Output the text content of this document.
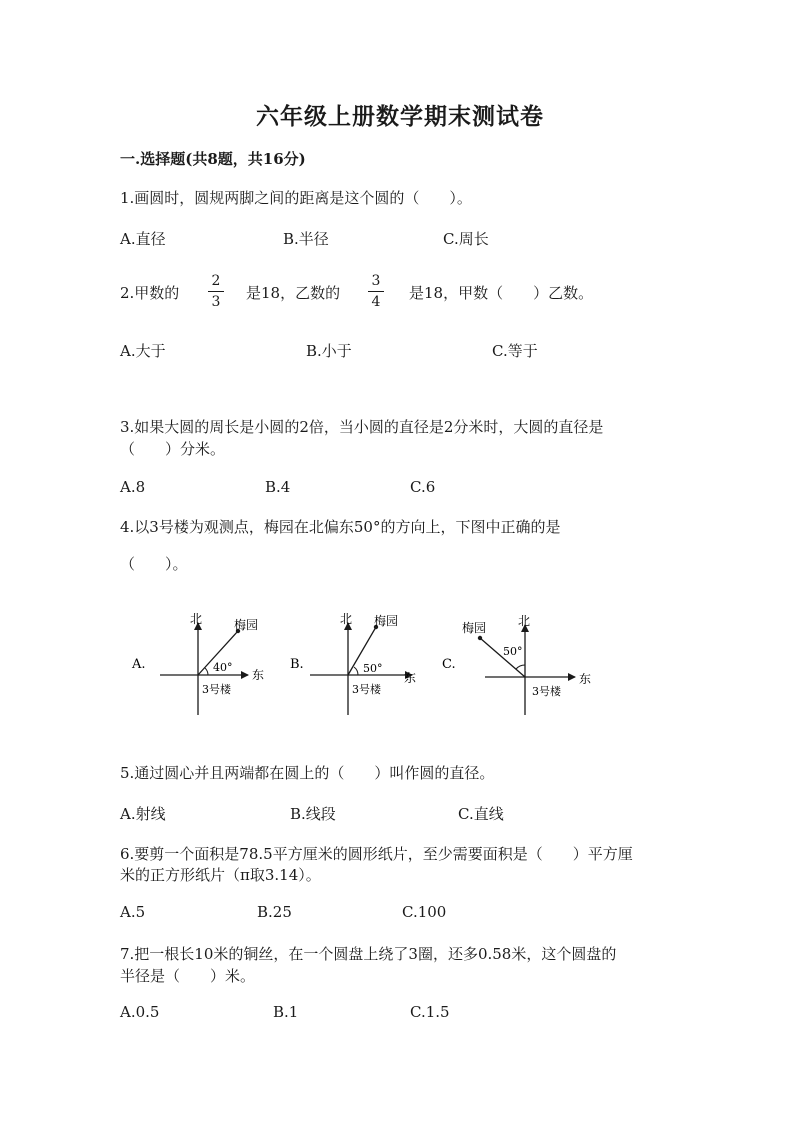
六年级上册数学期末测试卷
一.选择题(共8题，共16分)
1.画圆时，圆规两脚之间的距离是这个圆的（　　）。
A.直径	B.半径	C.周长
2.甲数的
2
3 是18，乙数的
3
4 是18，甲数（　　）乙数。
A.大于	B.小于	C.等于
3.如果大圆的周长是小圆的2倍，当小圆的直径是2分米时，大圆的直径是
（　　）分米。
A.8	B.4	C.6
4.以3号楼为观测点，梅园在北偏东50°的方向上，下图中正确的是
（　　）。
A.
北
东
梅园
40°
3号楼
B.
北
东
梅园
50°
3号楼
C.
北
东
梅园
50°
3号楼
5.通过圆心并且两端都在圆上的（　　）叫作圆的直径。
A.射线	B.线段	C.直线
6.要剪一个面积是78.5平方厘米的圆形纸片，至少需要面积是（　　）平方厘
米的正方形纸片（π取3.14）。
A.5	B.25	C.100
7.把一根长10米的铜丝，在一个圆盘上绕了3圈，还多0.58米，这个圆盘的
半径是（　　）米。
A.0.5	B.1	C.1.5
